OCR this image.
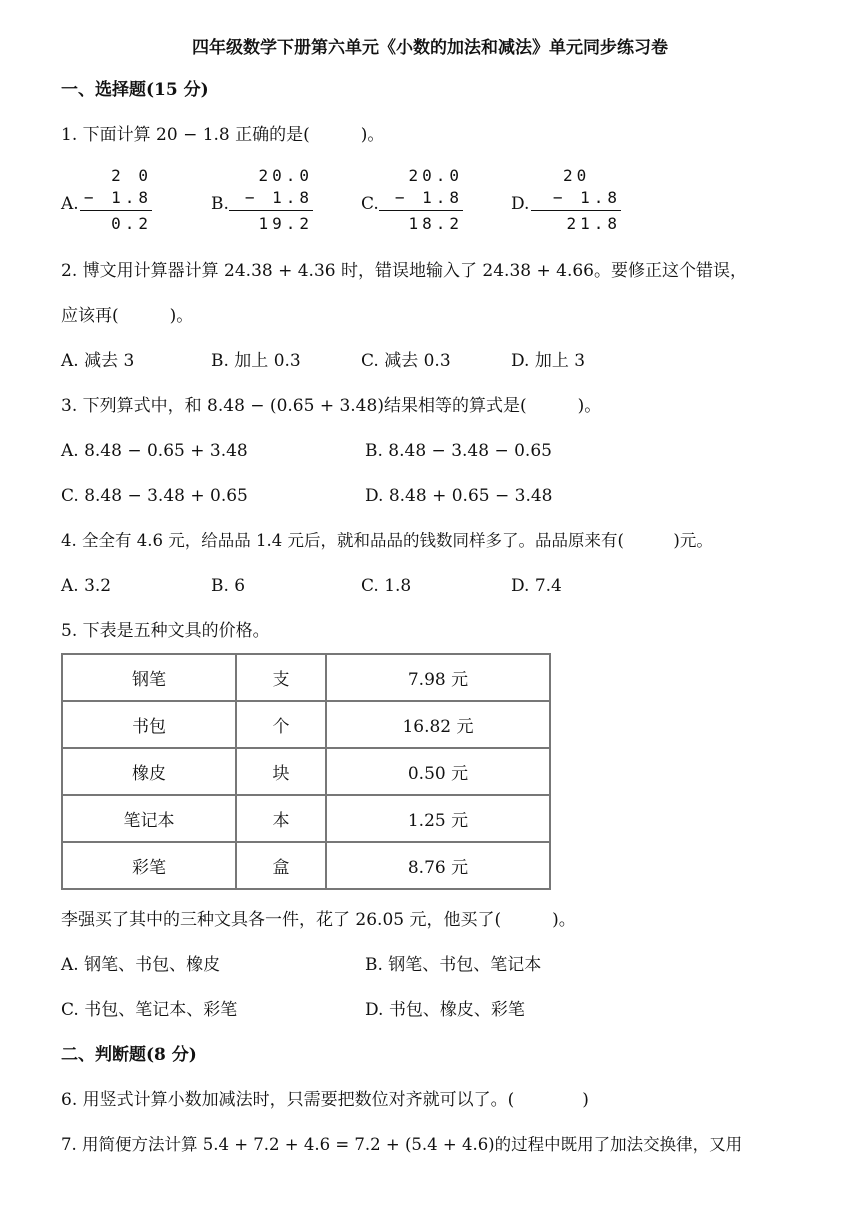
四年级数学下册第六单元《小数的加法和减法》单元同步练习卷
一、选择题(15 分)
1. 下面计算 20 − 1.8 正确的是(　　　)。
A.
2 0
− 1.8
0.2
B.
20.0
− 1.8
19.2
C.
20.0
− 1.8
18.2
D.
20
− 1.8
21.8
2. 博文用计算器计算 24.38 + 4.36 时，错误地输入了 24.38 + 4.66。要修正这个错误，
应该再(　　　)。
A. 减去 3	B. 加上 0.3	C. 减去 0.3	D. 加上 3
3. 下列算式中，和 8.48 − (0.65 + 3.48)结果相等的算式是(　　　)。
A. 8.48 − 0.65 + 3.48	B. 8.48 − 3.48 − 0.65
C. 8.48 − 3.48 + 0.65	D. 8.48 + 0.65 − 3.48
4. 全全有 4.6 元，给品品 1.4 元后，就和品品的钱数同样多了。品品原来有(　　　)元。
A. 3.2	B. 6	C. 1.8	D. 7.4
5. 下表是五种文具的价格。
钢笔	支	7.98 元
书包	个	16.82 元
橡皮	块	0.50 元
笔记本	本	1.25 元
彩笔	盒	8.76 元
李强买了其中的三种文具各一件，花了 26.05 元，他买了(　　　)。
A. 钢笔、书包、橡皮	B. 钢笔、书包、笔记本
C. 书包、笔记本、彩笔	D. 书包、橡皮、彩笔
二、判断题(8 分)
6. 用竖式计算小数加减法时，只需要把数位对齐就可以了。(　　　　)
7. 用简便方法计算 5.4 + 7.2 + 4.6 = 7.2 + (5.4 + 4.6)的过程中既用了加法交换律，又用
